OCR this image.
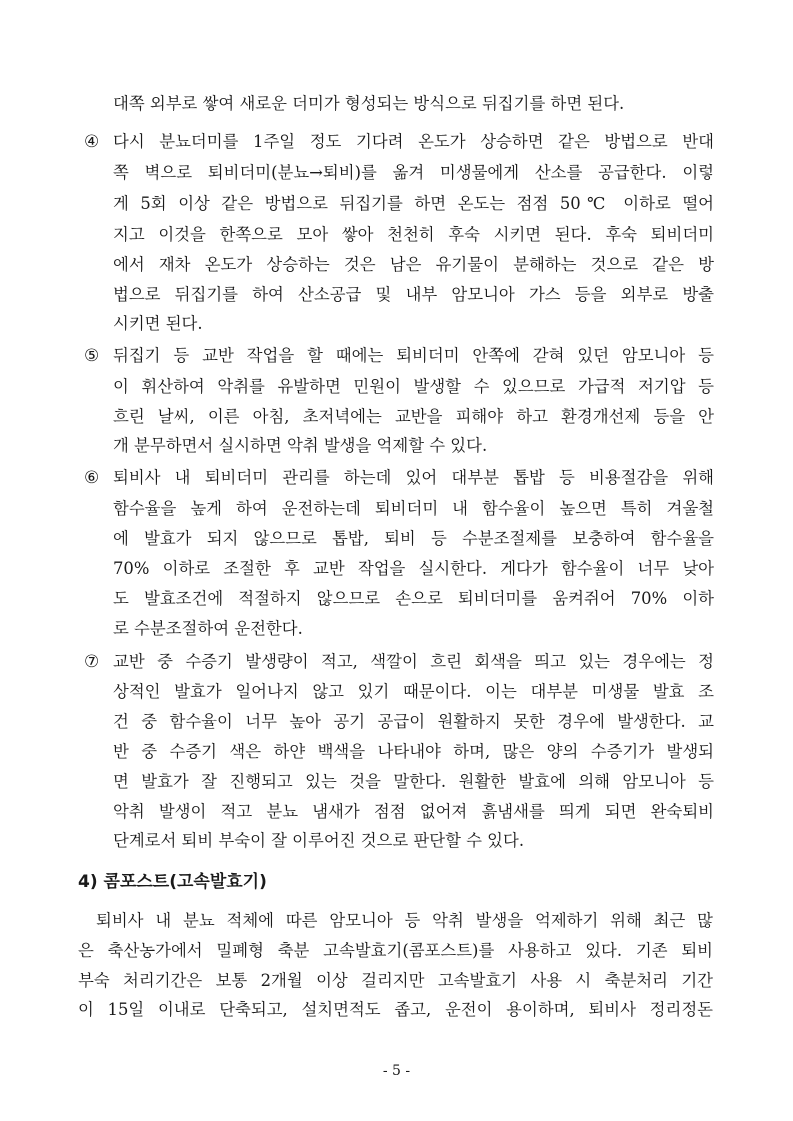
대쪽 외부로 쌓여 새로운 더미가 형성되는 방식으로 뒤집기를 하면 된다.

④ 다시 분뇨더미를 1주일 정도 기다려 온도가 상승하면 같은 방법으로 반대

쪽 벽으로 퇴비더미(분뇨→퇴비)를 옮겨 미생물에게 산소를 공급한다. 이렇

게 5회 이상 같은 방법으로 뒤집기를 하면 온도는 점점 50℃ 이하로 떨어

지고 이것을 한쪽으로 모아 쌓아 천천히 후숙 시키면 된다. 후숙 퇴비더미

에서 재차 온도가 상승하는 것은 남은 유기물이 분해하는 것으로 같은 방

법으로 뒤집기를 하여 산소공급 및 내부 암모니아 가스 등을 외부로 방출

시키면 된다.

⑤ 뒤집기 등 교반 작업을 할 때에는 퇴비더미 안쪽에 갇혀 있던 암모니아 등

이 휘산하여 악취를 유발하면 민원이 발생할 수 있으므로 가급적 저기압 등

흐린 날씨, 이른 아침, 초저녁에는 교반을 피해야 하고 환경개선제 등을 안

개 분무하면서 실시하면 악취 발생을 억제할 수 있다.

⑥ 퇴비사 내 퇴비더미 관리를 하는데 있어 대부분 톱밥 등 비용절감을 위해

함수율을 높게 하여 운전하는데 퇴비더미 내 함수율이 높으면 특히 겨울철

에 발효가 되지 않으므로 톱밥, 퇴비 등 수분조절제를 보충하여 함수율을

70% 이하로 조절한 후 교반 작업을 실시한다. 게다가 함수율이 너무 낮아

도 발효조건에 적절하지 않으므로 손으로 퇴비더미를 움켜쥐어 70% 이하

로 수분조절하여 운전한다.

⑦ 교반 중 수증기 발생량이 적고, 색깔이 흐린 회색을 띄고 있는 경우에는 정

상적인 발효가 일어나지 않고 있기 때문이다. 이는 대부분 미생물 발효 조

건 중 함수율이 너무 높아 공기 공급이 원활하지 못한 경우에 발생한다. 교

반 중 수증기 색은 하얀 백색을 나타내야 하며, 많은 양의 수증기가 발생되

면 발효가 잘 진행되고 있는 것을 말한다. 원활한 발효에 의해 암모니아 등

악취 발생이 적고 분뇨 냄새가 점점 없어져 흙냄새를 띄게 되면 완숙퇴비

단계로서 퇴비 부숙이 잘 이루어진 것으로 판단할 수 있다.

4) 콤포스트(고속발효기)

퇴비사 내 분뇨 적체에 따른 암모니아 등 악취 발생을 억제하기 위해 최근 많

은 축산농가에서 밀폐형 축분 고속발효기(콤포스트)를 사용하고 있다. 기존 퇴비

부숙 처리기간은 보통 2개월 이상 걸리지만 고속발효기 사용 시 축분처리 기간

이 15일 이내로 단축되고, 설치면적도 좁고, 운전이 용이하며, 퇴비사 정리정돈

- 5 -
